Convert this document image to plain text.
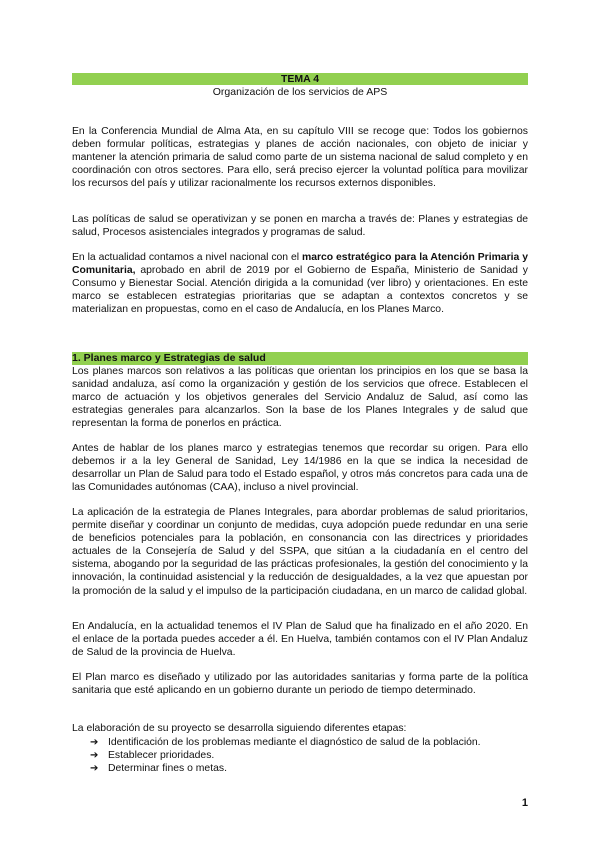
TEMA 4
Organización de los servicios de APS
En la Conferencia Mundial de Alma Ata, en su capítulo VIII se recoge que: Todos los gobiernos deben formular políticas, estrategias y planes de acción nacionales, con objeto de iniciar y mantener la atención primaria de salud como parte de un sistema nacional de salud completo y en coordinación con otros sectores. Para ello, será preciso ejercer la voluntad política para movilizar los recursos del país y utilizar racionalmente los recursos externos disponibles.
Las políticas de salud se operativizan y se ponen en marcha a través de: Planes y estrategias de salud, Procesos asistenciales integrados y programas de salud.
En la actualidad contamos a nivel nacional con el marco estratégico para la Atención Primaria y Comunitaria, aprobado en abril de 2019 por el Gobierno de España, Ministerio de Sanidad y Consumo y Bienestar Social. Atención dirigida a la comunidad (ver libro) y orientaciones. En este marco se establecen estrategias prioritarias que se adaptan a contextos concretos y se materializan en propuestas, como en el caso de Andalucía, en los Planes Marco.
1. Planes marco y Estrategias de salud
Los planes marcos son relativos a las políticas que orientan los principios en los que se basa la sanidad andaluza, así como la organización y gestión de los servicios que ofrece. Establecen el marco de actuación y los objetivos generales del Servicio Andaluz de Salud, así como las estrategias generales para alcanzarlos. Son la base de los Planes Integrales y de salud que representan la forma de ponerlos en práctica.
Antes de hablar de los planes marco y estrategias tenemos que recordar su origen. Para ello debemos ir a la ley General de Sanidad, Ley 14/1986 en la que se indica la necesidad de desarrollar un Plan de Salud para todo el Estado español, y otros más concretos para cada una de las Comunidades autónomas (CAA), incluso a nivel provincial.
La aplicación de la estrategia de Planes Integrales, para abordar problemas de salud prioritarios, permite diseñar y coordinar un conjunto de medidas, cuya adopción puede redundar en una serie de beneficios potenciales para la población, en consonancia con las directrices y prioridades actuales de la Consejería de Salud y del SSPA, que sitúan a la ciudadanía en el centro del sistema, abogando por la seguridad de las prácticas profesionales, la gestión del conocimiento y la innovación, la continuidad asistencial y la reducción de desigualdades, a la vez que apuestan por la promoción de la salud y el impulso de la participación ciudadana, en un marco de calidad global.
En Andalucía, en la actualidad tenemos el IV Plan de Salud que ha finalizado en el año 2020. En el enlace de la portada puedes acceder a él. En Huelva, también contamos con el IV Plan Andaluz de Salud de la provincia de Huelva.
El Plan marco es diseñado y utilizado por las autoridades sanitarias y forma parte de la política sanitaria que esté aplicando en un gobierno durante un periodo de tiempo determinado.
La elaboración de su proyecto se desarrolla siguiendo diferentes etapas:
➔ Identificación de los problemas mediante el diagnóstico de salud de la población.
➔ Establecer prioridades.
➔ Determinar fines o metas.
1
